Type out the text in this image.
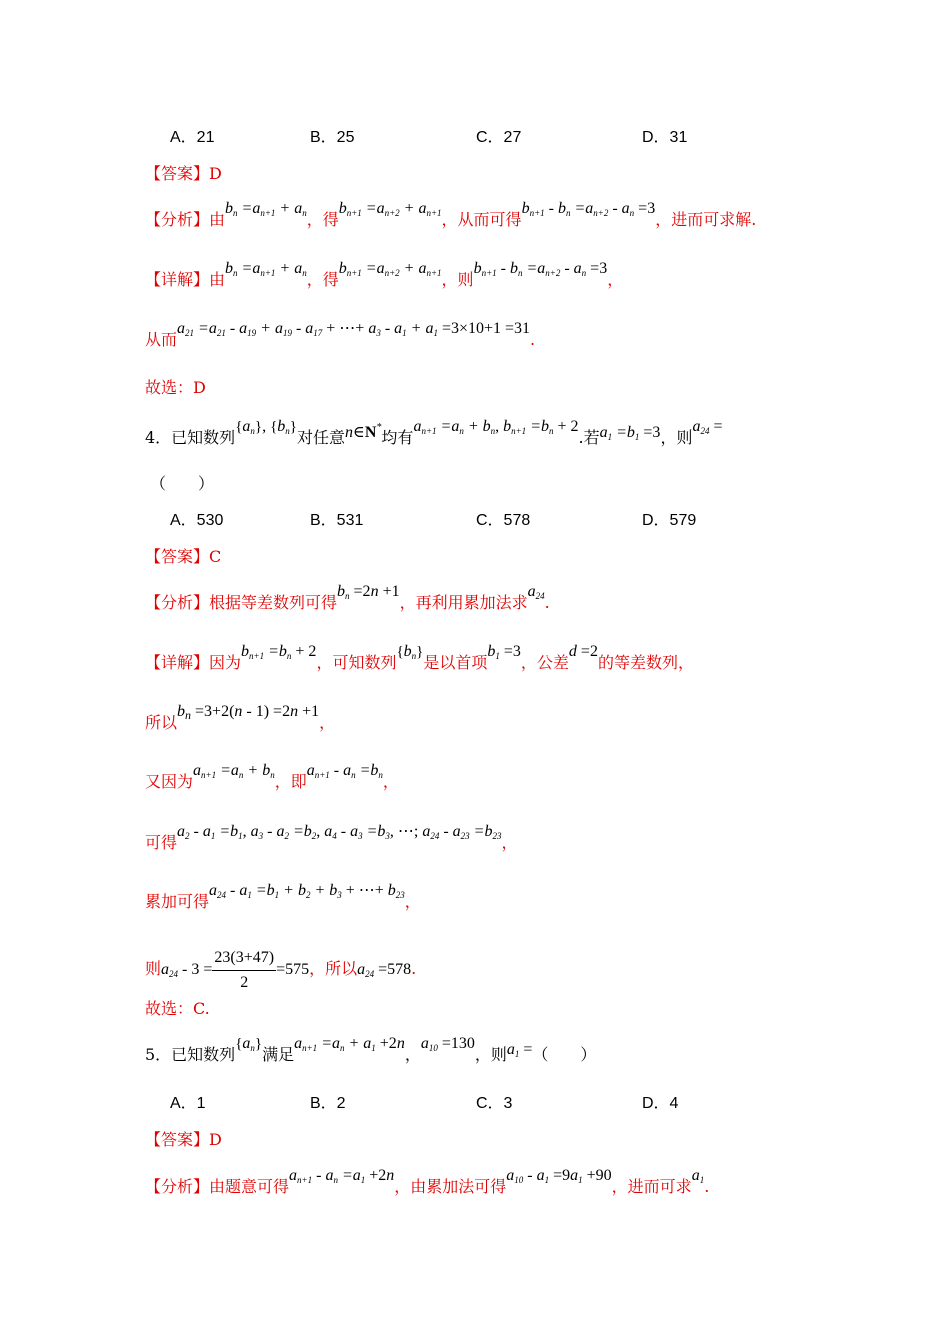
A．21	B．25	C．27	D．31
【答案】D
【分析】由$b_n =a_{n+1} + a_n$，得$b_{n+1} =a_{n+2} + a_{n+1}$，从而可得$b_{n+1} - b_n =a_{n+2} - a_n =3$，进而可求解.
【详解】由$b_n =a_{n+1} + a_n$，得$b_{n+1} =a_{n+2} + a_{n+1}$，则$b_{n+1} - b_n =a_{n+2} - a_n =3$，
从而$a_{21} =a_{21} - a_{19} + a_{19} - a_{17}$ + ⋯+ $a_3 - a_1 + a_1 =3\times 10+1 =31$.
故选：D
4．已知数列$\{a_n\}$, $\{b_n\}$对任意n∈N*均有$a_{n+1} =a_n + b_n$, $b_{n+1} =b_n + 2$.若$a_1 =b_1 =3$，则$a_{24}$ =
（　　）
A．530	B．531	C．578	D．579
【答案】C
【分析】根据等差数列可得$b_n =2n +1$，再利用累加法求$a_{24}$.
【详解】因为$b_{n+1} =b_n + 2$，可知数列$\{b_n\}$是以首项$b_1 =3$，公差d =2的等差数列，
所以$b_n =3+2(n - 1) =2n +1$，
又因为$a_{n+1} =a_n + b_n$，即$a_{n+1} - a_n =b_n$，
可得$a_2 - a_1 =b_1$, $a_3 - a_2 =b_2$, $a_4 - a_3 =b_3$, ⋯; $a_{24} - a_{23} =b_{23}$，
累加可得$a_{24} - a_1 =b_1 + b_2 + b_3$ + ⋯+ $b_{23}$，
则$a_{24} - 3 = \frac{23(3+47)}{2} =575$，所以$a_{24} =578$.
故选：C.
5．已知数列$\{a_n\}$满足$a_{n+1} =a_n + a_1 +2n$，$a_{10} =130$，则$a_1$ =（　　）
A．1	B．2	C．3	D．4
【答案】D
【分析】由题意可得$a_{n+1} - a_n =a_1 +2n$，由累加法可得$a_{10} - a_1 =9a_1 +90$，进而可求$a_1$.
